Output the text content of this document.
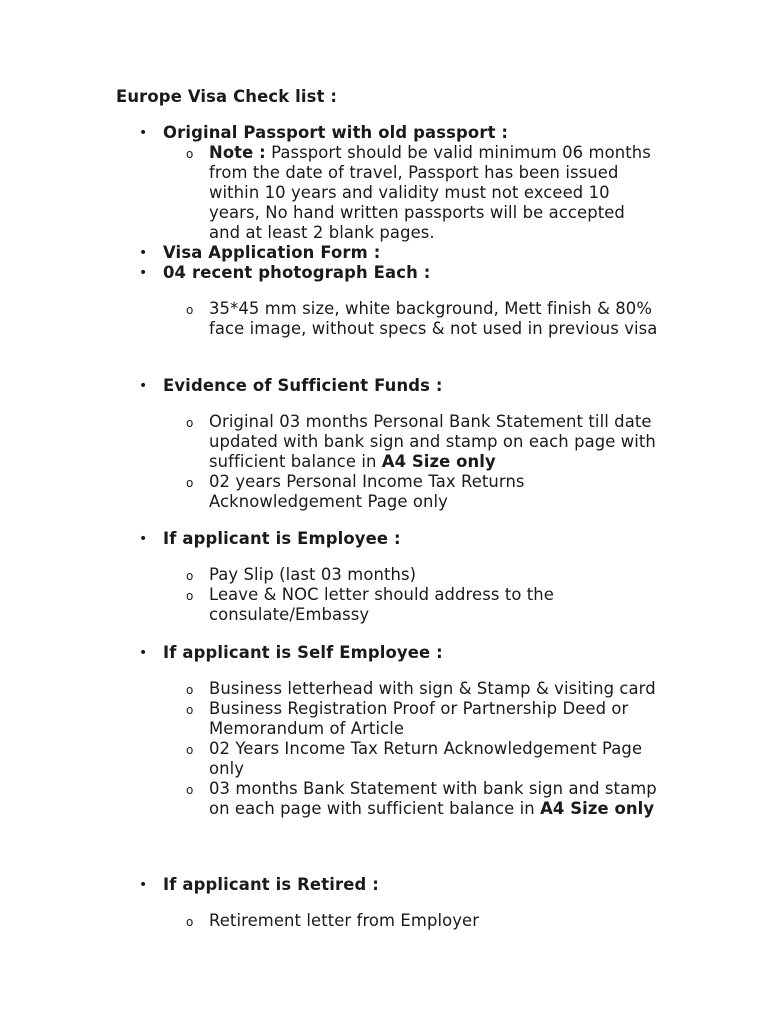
Europe Visa Check list :
• Original Passport with old passport :
o Note : Passport should be valid minimum 06 months from the date of travel, Passport has been issued within 10 years and validity must not exceed 10 years, No hand written passports will be accepted and at least 2 blank pages.
• Visa Application Form :
• 04 recent photograph Each :
o 35*45 mm size, white background, Mett finish & 80% face image, without specs & not used in previous visa
• Evidence of Sufficient Funds :
o Original 03 months Personal Bank Statement till date updated with bank sign and stamp on each page with sufficient balance in A4 Size only
o 02 years Personal Income Tax Returns Acknowledgement Page only
• If applicant is Employee :
o Pay Slip (last 03 months)
o Leave & NOC letter should address to the consulate/Embassy
• If applicant is Self Employee :
o Business letterhead with sign & Stamp & visiting card
o Business Registration Proof or Partnership Deed or Memorandum of Article
o 02 Years Income Tax Return Acknowledgement Page only
o 03 months Bank Statement with bank sign and stamp on each page with sufficient balance in A4 Size only
• If applicant is Retired :
o Retirement letter from Employer
